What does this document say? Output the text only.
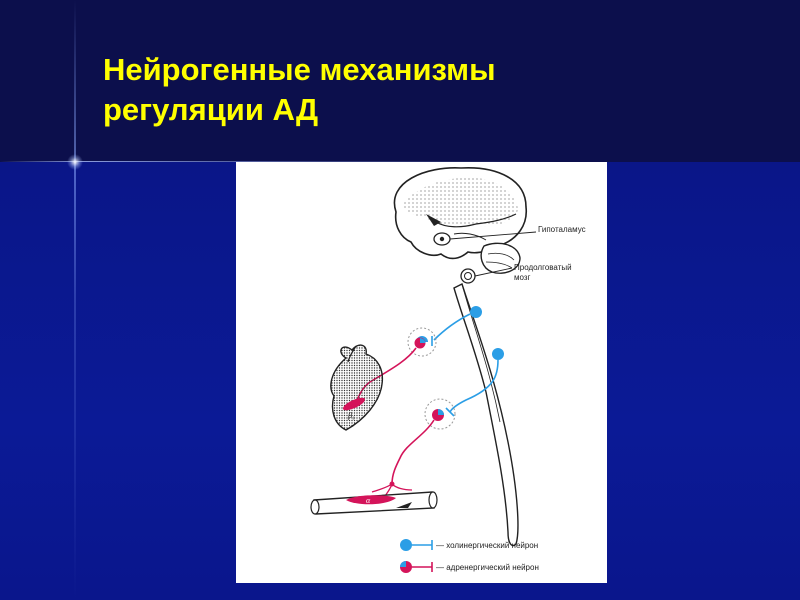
Нейрогенные механизмы
регуляции АД
Гипоталамус
Продолговатый
мозг
β₁
α
— холинергический нейрон
— адренергический нейрон
